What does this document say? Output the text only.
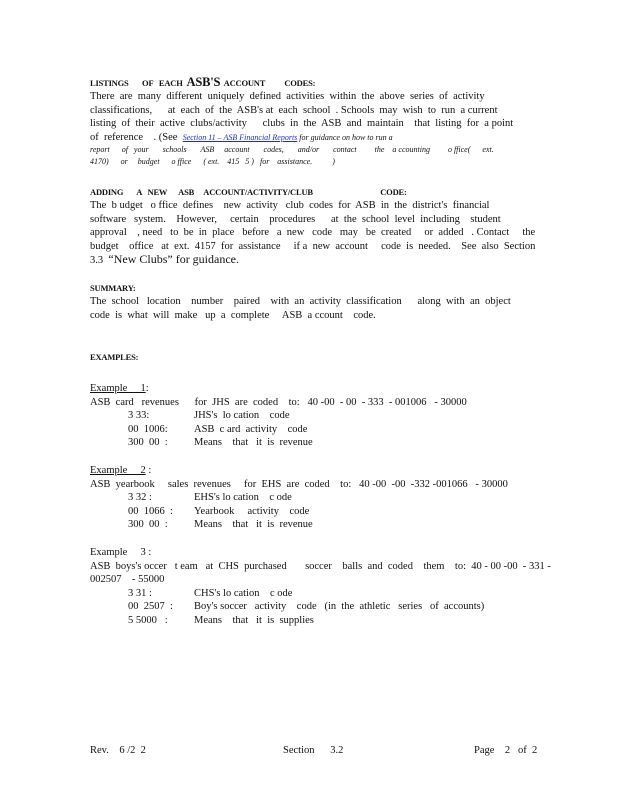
LISTINGS       OF   EACH  ASB'S  ACCOUNT          CODES:

There  are  many  different  uniquely  defined  activities  within  the  above  series  of  activity

classifications,      at  each  of  the  ASB's at  each  school  . Schools  may  wish  to  run  a current

listing  of  their  active  clubs/activity      clubs  in  the  ASB  and  maintain    that  listing  for  a point

of  reference    . (See  Section 11 – ASB Financial Reports for guidance on how to run a

report      of   your       schools       ASB     account       codes,       and/or       contact         the    a ccounting         o ffice(      ext.

4170)      or     budget      o ffice      ( ext.    415   5 )   for    assistance.          )

ADDING       A   NEW      ASB     ACCOUNT/ACTIVITY/CLUB                                   CODE:

The  b udget   o ffice  defines    new  activity   club  codes  for  ASB  in  the  district's  financial

software   system.    However,     certain    procedures      at  the  school  level  including    student

approval    , need   to  be  in  place   before   a  new   code   may   be  created     or  added   . Contact     the

budget    office   at  ext.  4157  for  assistance     if a  new  account     code  is  needed.    See  also  Section

3.3  “New Clubs” for guidance.

SUMMARY:

The  school   location    number    paired    with  an  activity  classification      along  with  an  object

code  is  what  will  make   up  a  complete     ASB  a ccount    code.

EXAMPLES:

Example     1:

ASB  card   revenues      for  JHS  are  coded    to:   40 -00  - 00  - 333  - 001006   - 30000

3 33:	JHS's  lo cation    code
00  1006:	ASB  c ard  activity    code
300  00  :	Means    that   it  is  revenue

Example     2 :

ASB  yearbook     sales  revenues     for  EHS  are  coded    to:   40 -00  -00  -332 -001066   - 30000

3 32 :	EHS's lo cation    c ode
00  1066  :	Yearbook     activity    code
300  00  :	Means    that   it  is  revenue

Example     3 :

ASB  boys's occer   t eam   at  CHS  purchased       soccer    balls  and  coded    them    to:  40 - 00 -00  - 331 -

002507    - 55000

3 31 :	CHS's lo cation    c ode
00  2507  :	Boy's soccer   activity    code   (in  the  athletic   series   of  accounts)
5 5000   :	Means    that   it  is  supplies
Rev.    6 /2  2	Section      3.2	Page    2   of  2
